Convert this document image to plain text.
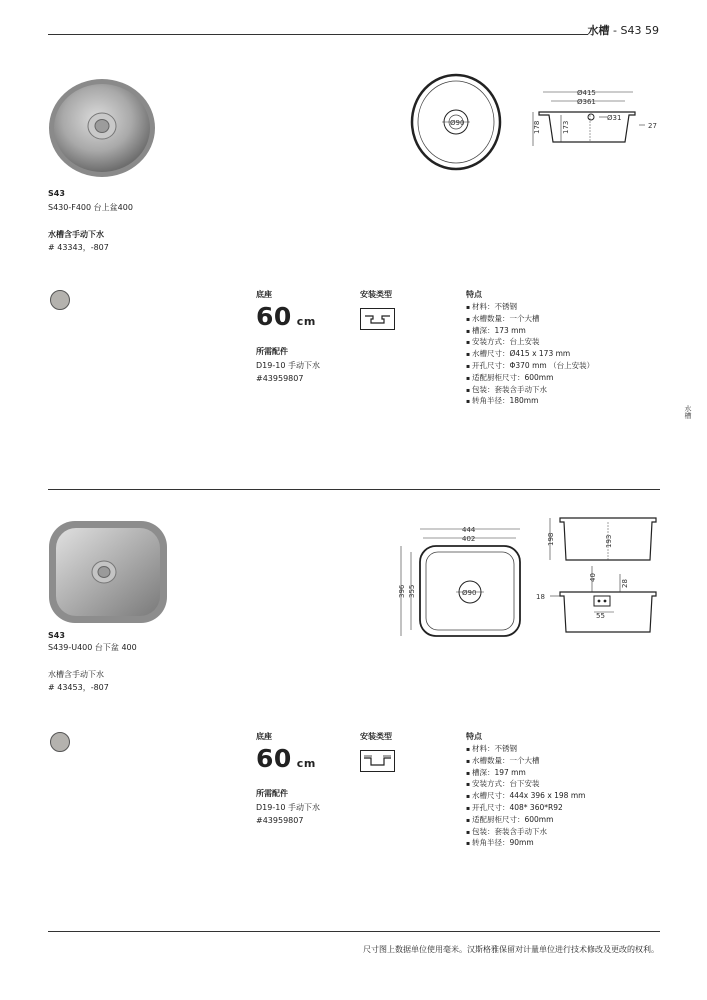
水槽 - S43 59
水槽
S43
S430-F400 台上盆400
水槽含手动下水
# 43343，-807
Ø90
Ø415
Ø361
Ø31
27
178	173
底座
60 cm
所需配件
D19-10 手动下水
#43959807
安装类型	特点
▪ 材料：不锈钢
▪ 水槽数量：一个大槽
▪ 槽深：173 mm
▪ 安装方式：台上安装
▪ 水槽尺寸：Ø415 x 173 mm
▪ 开孔尺寸：Φ370 mm （台上安装）
▪ 适配厨柜尺寸：600mm
▪ 包装：套装含手动下水
▪ 转角半径：180mm
S43
S439-U400 台下盆 400
水槽含手动下水
# 43453，-807
444
402
Ø90
396 355
198	193
55
40
28
18
底座
60 cm
所需配件
D19-10 手动下水
#43959807
安装类型	特点
▪ 材料：不锈钢
▪ 水槽数量：一个大槽
▪ 槽深：197 mm
▪ 安装方式：台下安装
▪ 水槽尺寸：444x 396 x 198 mm
▪ 开孔尺寸：408* 360*R92
▪ 适配厨柜尺寸：600mm
▪ 包装：套装含手动下水
▪ 转角半径：90mm
尺寸图上数据单位使用毫米。汉斯格雅保留对计量单位进行技术修改及更改的权利。
